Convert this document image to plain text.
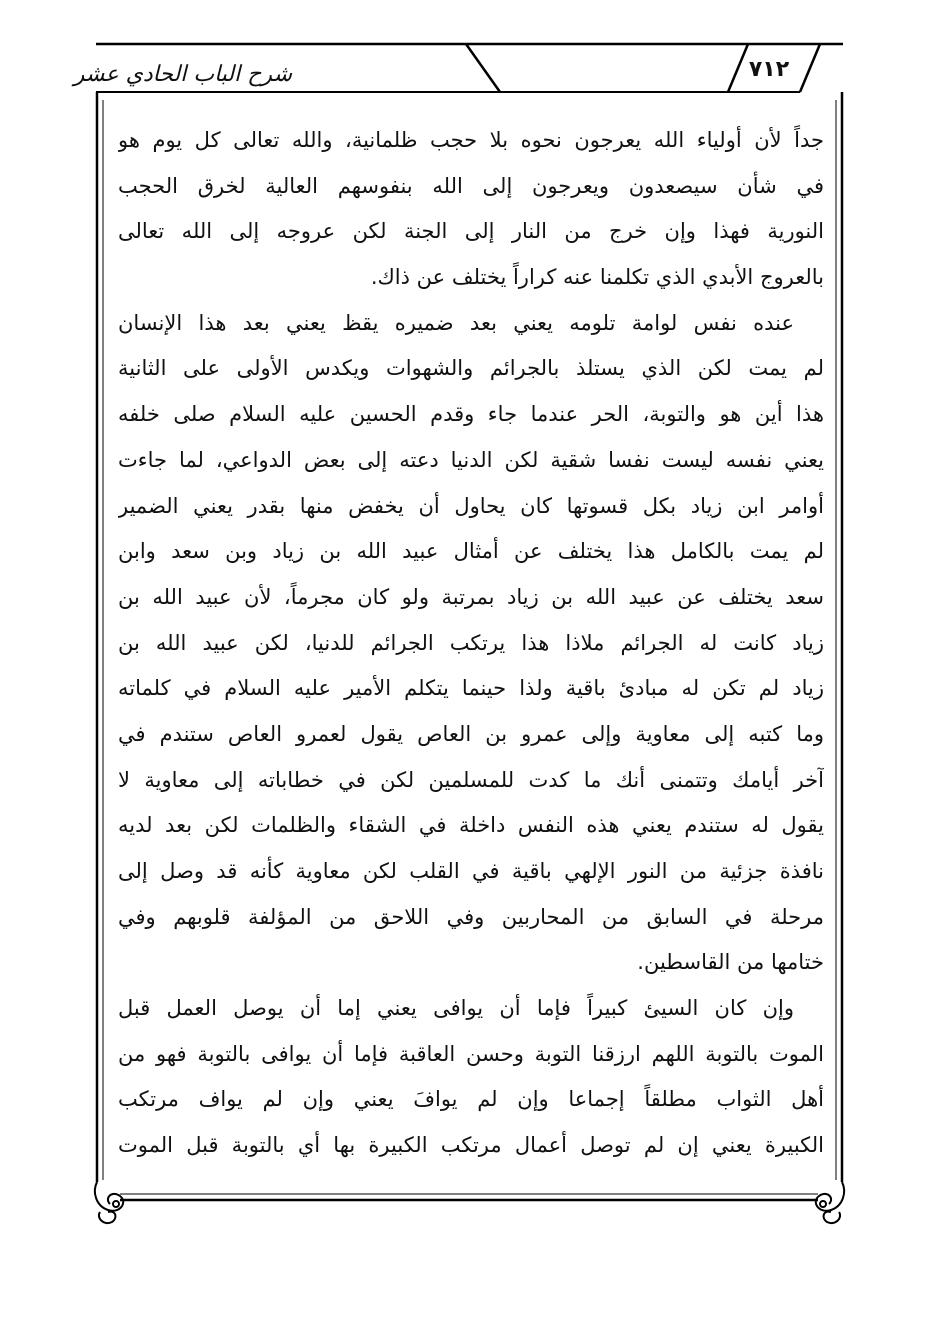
شرح الباب الحادي عشر	٧١٢
جداً لأن أولياء الله يعرجون نحوه بلا حجب ظلمانية، والله تعالى كل يوم هو
في شأن سيصعدون ويعرجون إلى الله بنفوسهم العالية لخرق الحجب
النورية فهذا وإن خرج من النار إلى الجنة لكن عروجه إلى الله تعالى
بالعروج الأبدي الذي تكلمنا عنه كراراً يختلف عن ذاك.
عنده نفس لوامة تلومه يعني بعد ضميره يقظ يعني بعد هذا الإنسان
لم يمت لكن الذي يستلذ بالجرائم والشهوات ويكدس الأولى على الثانية
هذا أين هو والتوبة، الحر عندما جاء وقدم الحسين عليه السلام صلى خلفه
يعني نفسه ليست نفسا شقية لكن الدنيا دعته إلى بعض الدواعي، لما جاءت
أوامر ابن زياد بكل قسوتها كان يحاول أن يخفض منها بقدر يعني الضمير
لم يمت بالكامل هذا يختلف عن أمثال عبيد الله بن زياد وبن سعد وابن
سعد يختلف عن عبيد الله بن زياد بمرتبة ولو كان مجرماً، لأن عبيد الله بن
زياد كانت له الجرائم ملاذا هذا يرتكب الجرائم للدنيا، لكن عبيد الله بن
زياد لم تكن له مبادئ باقية ولذا حينما يتكلم الأمير عليه السلام في كلماته
وما كتبه إلى معاوية وإلى عمرو بن العاص يقول لعمرو العاص ستندم في
آخر أيامك وتتمنى أنك ما كدت للمسلمين لكن في خطاباته إلى معاوية لا
يقول له ستندم يعني هذه النفس داخلة في الشقاء والظلمات لكن بعد لديه
نافذة جزئية من النور الإلهي باقية في القلب لكن معاوية كأنه قد وصل إلى
مرحلة في السابق من المحاربين وفي اللاحق من المؤلفة قلوبهم وفي
ختامها من القاسطين.
وإن كان السيئ كبيراً فإما أن يوافى يعني إما أن يوصل العمل قبل
الموت بالتوبة اللهم ارزقنا التوبة وحسن العاقبة فإما أن يوافى بالتوبة فهو من
أهل الثواب مطلقاً إجماعا وإن لم يوافَ يعني وإن لم يواف مرتكب
الكبيرة يعني إن لم توصل أعمال مرتكب الكبيرة بها أي بالتوبة قبل الموت
